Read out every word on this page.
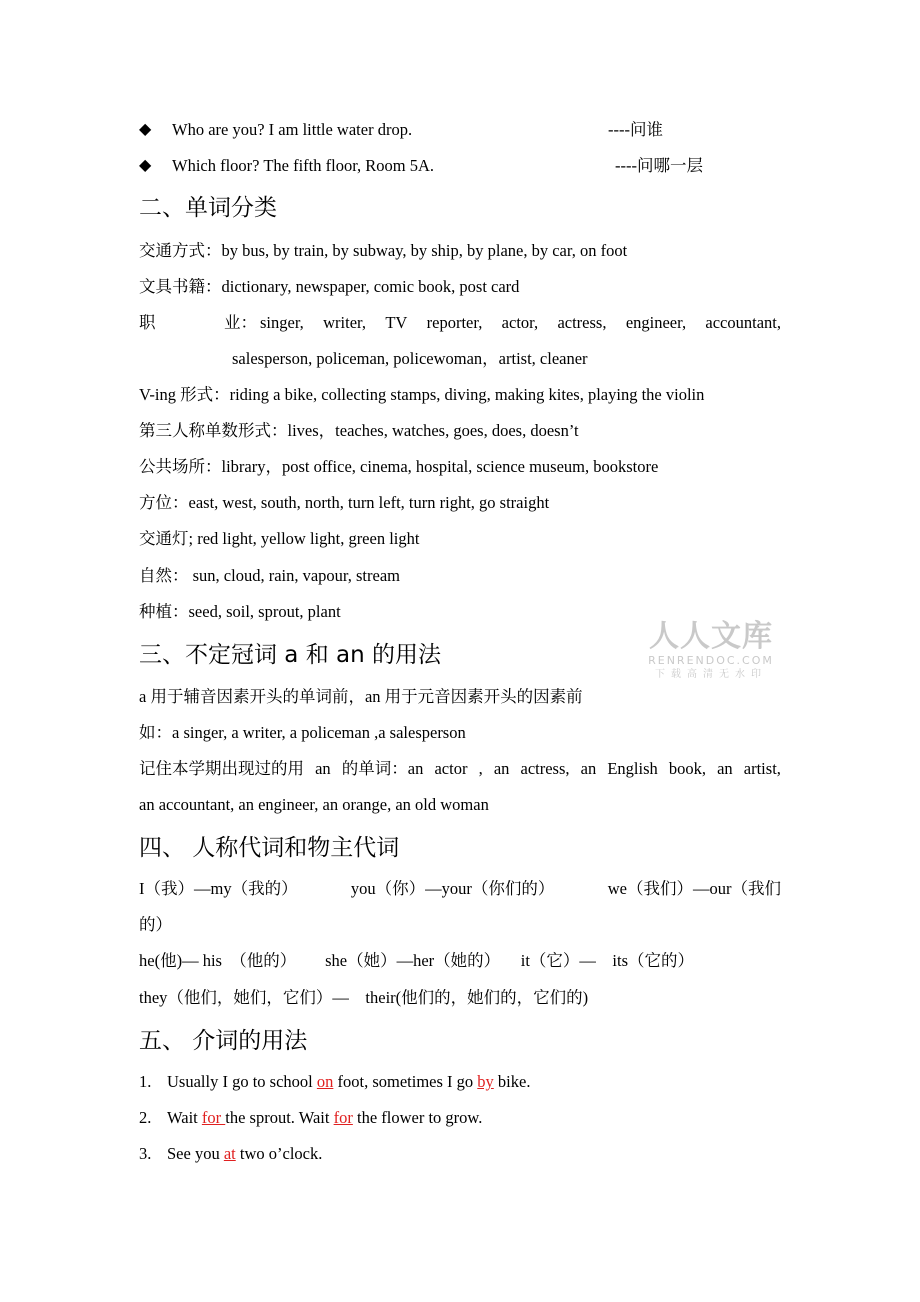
◆ Who are you? I am little water drop.	----问谁
◆ Which floor? The fifth floor, Room 5A.	----问哪一层
二、单词分类
交通方式：by bus, by train, by subway, by ship, by plane, by car, on foot
文具书籍：dictionary, newspaper, comic book, post card
职	业： singer, writer, TV reporter, actor, actress, engineer, accountant,
salesperson, policeman, policewoman，artist, cleaner
V-ing 形式：riding a bike, collecting stamps, diving, making kites, playing the violin
第三人称单数形式：lives，teaches, watches, goes, does, doesn’t
公共场所：library，post office, cinema, hospital, science museum, bookstore
方位：east, west, south, north, turn left, turn right, go straight
交通灯; red light, yellow light, green light
自然： sun, cloud, rain, vapour, stream
种植：seed, soil, sprout, plant
三、不定冠词 a 和 an 的用法
a 用于辅音因素开头的单词前，an 用于元音因素开头的因素前
如：a singer, a writer, a policeman ,a salesperson
记住本学期出现过的用 an 的单词：an actor , an actress, an English book, an artist,
an accountant, an engineer, an orange, an old woman
四、 人称代词和物主代词
I（我）—my（我的）	you（你）—your（你们的）	we（我们）—our（我们
的）
he(他)— his  （他的）       she（她）—her（她的）     it（它）—    its（它的）
they（他们，她们，它们）—    their(他们的，她们的，它们的)
五、 介词的用法
1. Usually I go to school on foot, sometimes I go by bike.
2. Wait for the sprout. Wait for the flower to grow.
3. See you at two o’clock.
人人文库
RENRENDOC.COM
下载高清无水印
